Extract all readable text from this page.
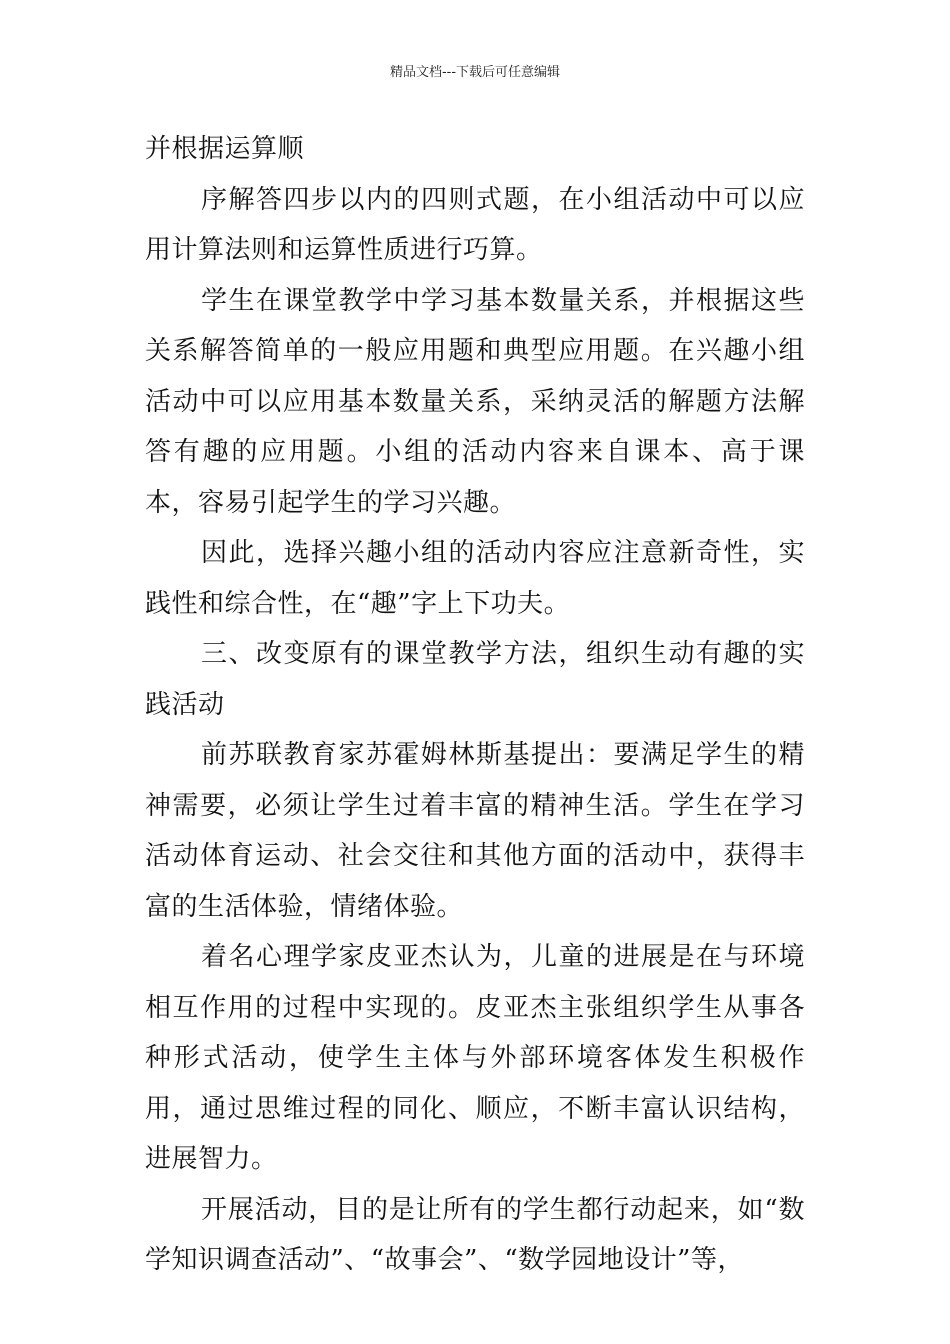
精品文档---下载后可任意编辑

并根据运算顺

序解答四步以内的四则式题，在小组活动中可以应用计算法则和运算性质进行巧算。

学生在课堂教学中学习基本数量关系，并根据这些关系解答简单的一般应用题和典型应用题。在兴趣小组活动中可以应用基本数量关系，采纳灵活的解题方法解答有趣的应用题。小组的活动内容来自课本、高于课本，容易引起学生的学习兴趣。

因此，选择兴趣小组的活动内容应注意新奇性，实践性和综合性，在“趣”字上下功夫。

三、改变原有的课堂教学方法，组织生动有趣的实践活动

前苏联教育家苏霍姆林斯基提出：要满足学生的精神需要，必须让学生过着丰富的精神生活。学生在学习活动体育运动、社会交往和其他方面的活动中，获得丰富的生活体验，情绪体验。

着名心理学家皮亚杰认为，儿童的进展是在与环境相互作用的过程中实现的。皮亚杰主张组织学生从事各种形式活动，使学生主体与外部环境客体发生积极作用，通过思维过程的同化、顺应，不断丰富认识结构，进展智力。

开展活动，目的是让所有的学生都行动起来，如“数学知识调查活动”、“故事会”、“数学园地设计”等，
